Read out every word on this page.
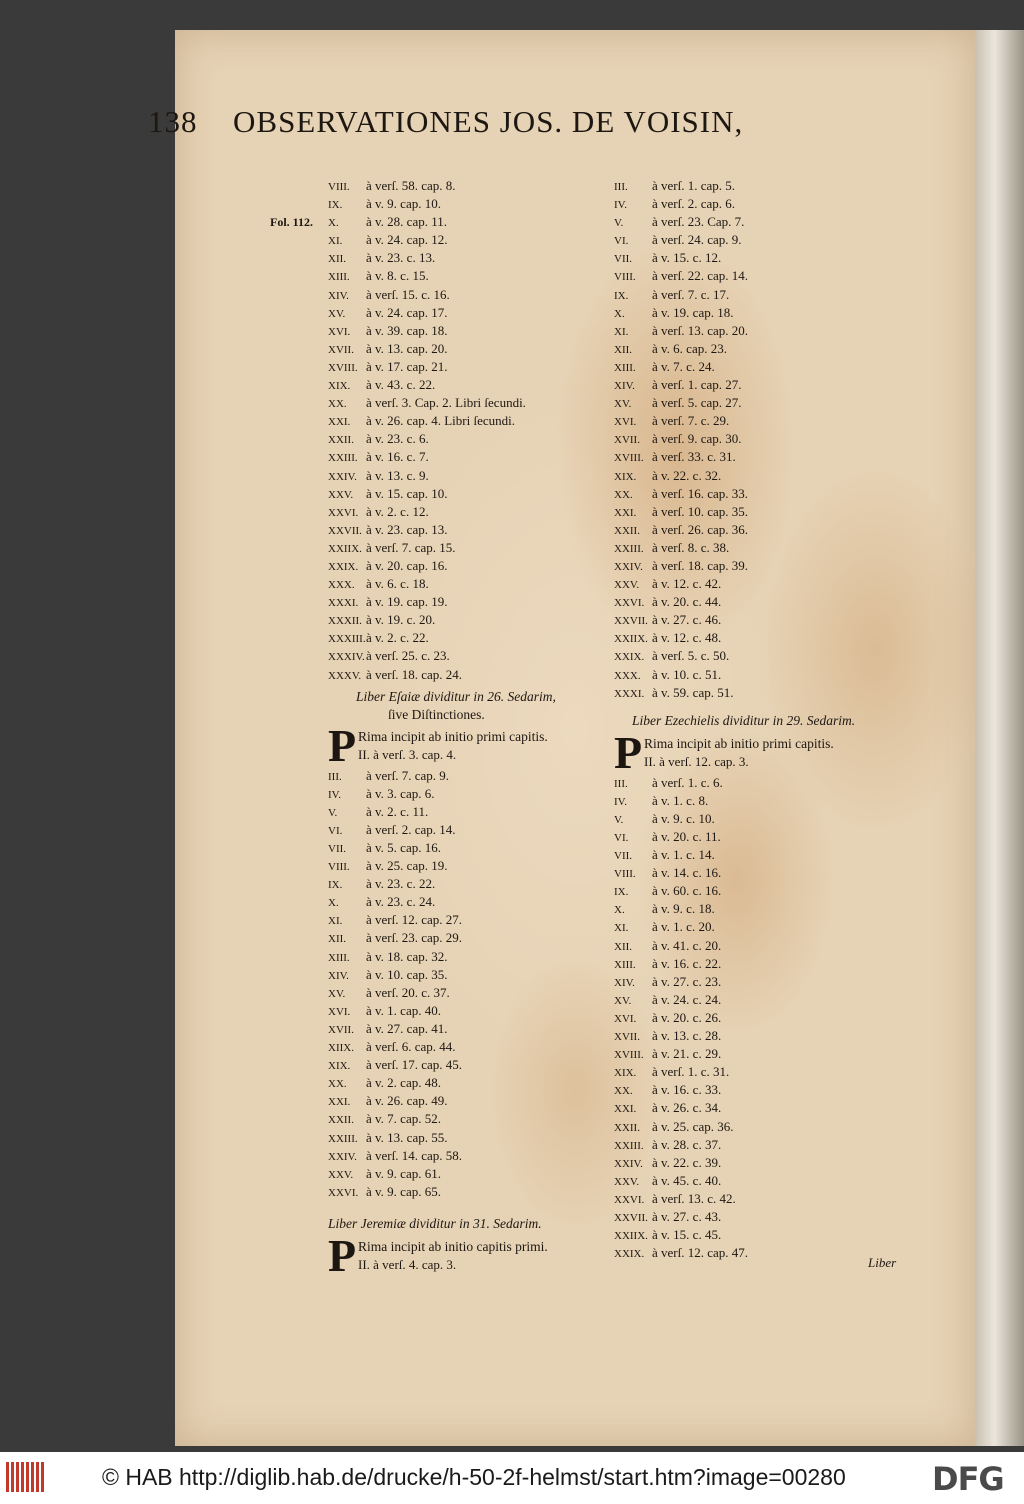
138 OBSERVATIONES JOS. DE VOISIN,
VIII. à verſ. 58. cap. 8.
IX. à v. 9. cap. 10.
Fol. 112. X. à v. 28. cap. 11.
XI. à v. 24. cap. 12.
XII. à v. 23. c. 13.
XIII. à v. 8. c. 15.
XIV. à verſ. 15. c. 16.
XV. à v. 24. cap. 17.
XVI. à v. 39. cap. 18.
XVII. à v. 13. cap. 20.
XVIII. à v. 17. cap. 21.
XIX. à v. 43. c. 22.
XX. à verſ. 3. Cap. 2. Libri ſecundi.
XXI. à v. 26. cap. 4. Libri ſecundi.
XXII. à v. 23. c. 6.
XXIII. à v. 16. c. 7.
XXIV. à v. 13. c. 9.
XXV. à v. 15. cap. 10.
XXVI. à v. 2. c. 12.
XXVII. à v. 23. cap. 13.
XXIIX. à verſ. 7. cap. 15.
XXIX. à v. 20. cap. 16.
XXX. à v. 6. c. 18.
XXXI. à v. 19. cap. 19.
XXXII. à v. 19. c. 20.
XXXIII.à v. 2. c. 22.
XXXIV.à verſ. 25. c. 23.
XXXV. à verſ. 18. cap. 24.
Liber Eſaiæ dividitur in 26. Sedarim,
ſive Diſtinctiones.
P Rima incipit ab initio primi capitis.
II. à verſ. 3. cap. 4.
III. à verſ. 7. cap. 9.
IV. à v. 3. cap. 6.
V. à v. 2. c. 11.
VI. à verſ. 2. cap. 14.
VII. à v. 5. cap. 16.
VIII. à v. 25. cap. 19.
IX. à v. 23. c. 22.
X. à v. 23. c. 24.
XI. à verſ. 12. cap. 27.
XII. à verſ. 23. cap. 29.
XIII. à v. 18. cap. 32.
XIV. à v. 10. cap. 35.
XV. à verſ. 20. c. 37.
XVI. à v. 1. cap. 40.
XVII. à v. 27. cap. 41.
XIIX. à verſ. 6. cap. 44.
XIX. à verſ. 17. cap. 45.
XX. à v. 2. cap. 48.
XXI. à v. 26. cap. 49.
XXII. à v. 7. cap. 52.
XXIII. à v. 13. cap. 55.
XXIV. à verſ. 14. cap. 58.
XXV. à v. 9. cap. 61.
XXVI. à v. 9. cap. 65.
Liber Jeremiæ dividitur in 31. Sedarim.
P Rima incipit ab initio capitis primi.
II. à verſ. 4. cap. 3.
III. à verſ. 1. cap. 5.
IV. à verſ. 2. cap. 6.
V. à verſ. 23. Cap. 7.
VI. à verſ. 24. cap. 9.
VII. à v. 15. c. 12.
VIII. à verſ. 22. cap. 14.
IX. à verſ. 7. c. 17.
X. à v. 19. cap. 18.
XI. à verſ. 13. cap. 20.
XII. à v. 6. cap. 23.
XIII. à v. 7. c. 24.
XIV. à verſ. 1. cap. 27.
XV. à verſ. 5. cap. 27.
XVI. à verſ. 7. c. 29.
XVII. à verſ. 9. cap. 30.
XVIII. à verſ. 33. c. 31.
XIX. à v. 22. c. 32.
XX. à verſ. 16. cap. 33.
XXI. à verſ. 10. cap. 35.
XXII. à verſ. 26. cap. 36.
XXIII. à verſ. 8. c. 38.
XXIV. à verſ. 18. cap. 39.
XXV. à v. 12. c. 42.
XXVI. à v. 20. c. 44.
XXVII. à v. 27. c. 46.
XXIIX. à v. 12. c. 48.
XXIX. à verſ. 5. c. 50.
XXX. à v. 10. c. 51.
XXXI. à v. 59. cap. 51.
Liber Ezechielis dividitur in 29. Sedarim.
P Rima incipit ab initio primi capitis.
II. à verſ. 12. cap. 3.
III. à verſ. 1. c. 6.
IV. à v. 1. c. 8.
V. à v. 9. c. 10.
VI. à v. 20. c. 11.
VII. à v. 1. c. 14.
VIII. à v. 14. c. 16.
IX. à v. 60. c. 16.
X. à v. 9. c. 18.
XI. à v. 1. c. 20.
XII. à v. 41. c. 20.
XIII. à v. 16. c. 22.
XIV. à v. 27. c. 23.
XV. à v. 24. c. 24.
XVI. à v. 20. c. 26.
XVII. à v. 13. c. 28.
XVIII. à v. 21. c. 29.
XIX. à verſ. 1. c. 31.
XX. à v. 16. c. 33.
XXI. à v. 26. c. 34.
XXII. à v. 25. cap. 36.
XXIII. à v. 28. c. 37.
XXIV. à v. 22. c. 39.
XXV. à v. 45. c. 40.
XXVI. à verſ. 13. c. 42.
XXVII. à v. 27. c. 43.
XXIIX. à v. 15. c. 45.
XXIX. à verſ. 12. cap. 47.
Liber
© HAB http://diglib.hab.de/drucke/h-50-2f-helmst/start.htm?image=00280	DFG
